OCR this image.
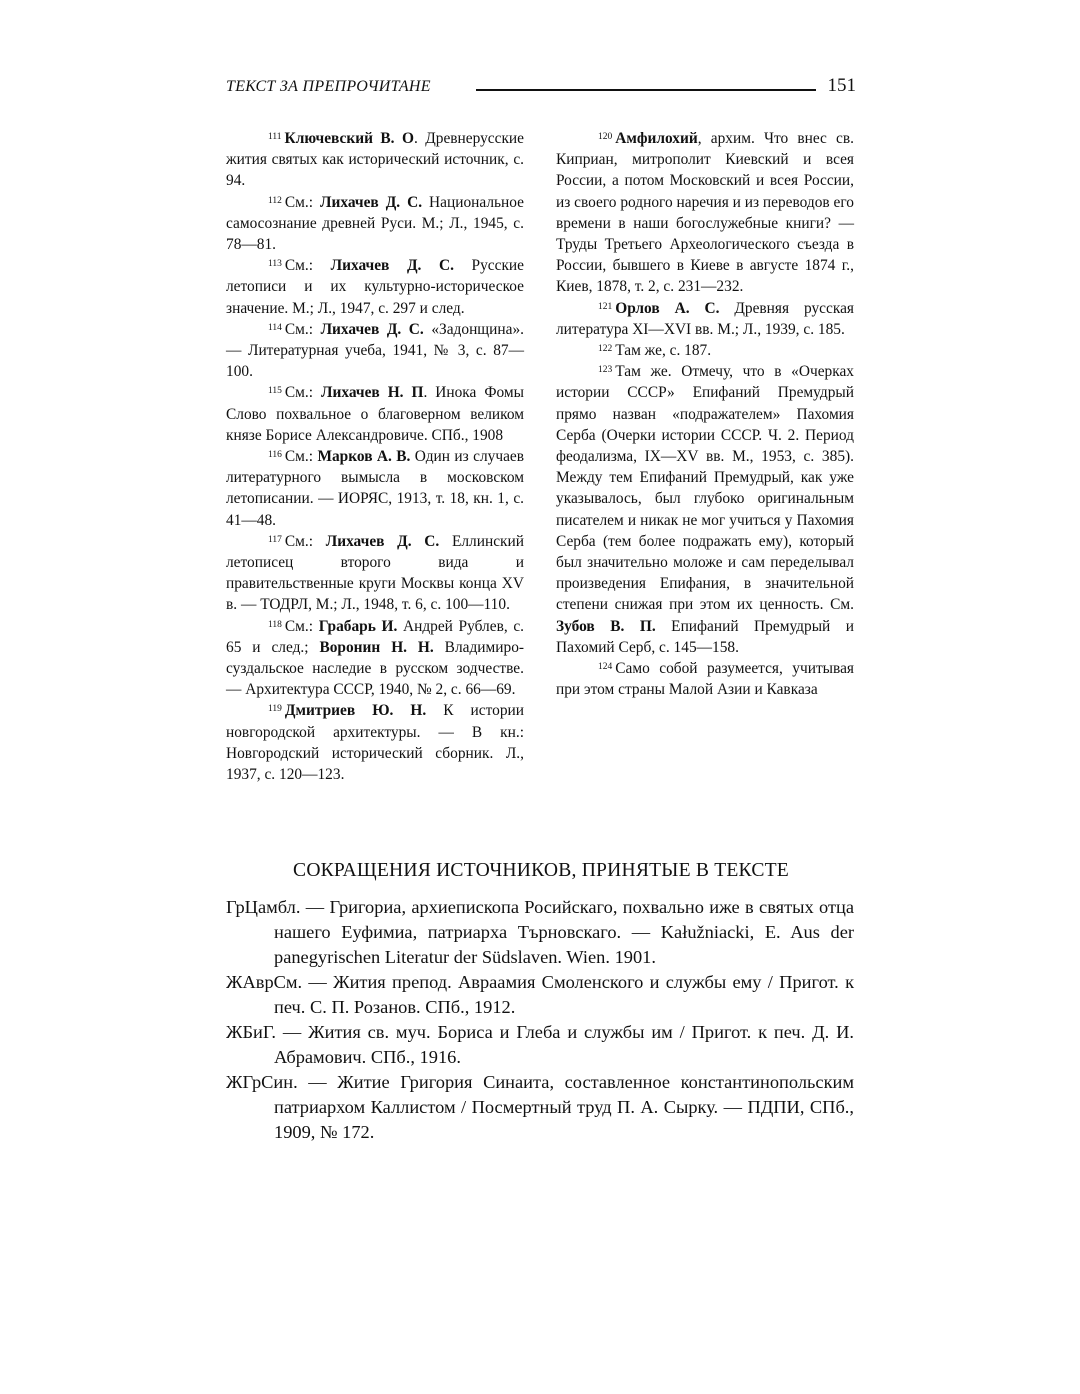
ТЕКСТ ЗА ПРЕПРОЧИТАНЕ	151

$^{111}$ Ключевский В. О. Древнерусские жития святых как исторический источник, с. 94.

$^{112}$ См.: Лихачев Д. С. Национальное самосознание древней Руси. М.; Л., 1945, с. 78—81.

$^{113}$ См.: Лихачев Д. С. Русские летописи и их культурно-историческое значение. М.; Л., 1947, с. 297 и след.

$^{114}$ См.: Лихачев Д. С. «Задонщина». — Литературная учеба, 1941, № 3, с. 87—100.

$^{115}$ См.: Лихачев Н. П. Инока Фомы Слово похвальное о благоверном великом князе Борисе Александровиче. СПб., 1908

$^{116}$ См.: Марков А. В. Один из случаев литературного вымысла в московском летописании. — ИОРЯС, 1913, т. 18, кн. 1, с. 41—48.

$^{117}$ См.: Лихачев Д. С. Еллинский летописец второго вида и правительственные круги Москвы конца XV в. — ТОДРЛ, М.; Л., 1948, т. 6, с. 100—110.

$^{118}$ См.: Грабарь И. Андрей Рублев, с. 65 и след.; Воронин Н. Н. Владимиро-суздальское наследие в русском зодчестве. — Архитектура СССР, 1940, № 2, с. 66—69.

$^{119}$ Дмитриев Ю. Н. К истории новгородской архитектуры. — В кн.: Новгородский исторический сборник. Л., 1937, с. 120—123.

$^{120}$ Амфилохий, архим. Что внес св. Киприан, митрополит Киевский и всея России, а потом Московский и всея России, из своего родного наречия и из переводов его времени в наши богослужебные книги? — Труды Третьего Археологического съезда в России, бывшего в Киеве в августе 1874 г., Киев, 1878, т. 2, с. 231—232.

$^{121}$ Орлов А. С. Древняя русская литература XI—XVI вв. М.; Л., 1939, с. 185.

$^{122}$ Там же, с. 187.

$^{123}$ Там же. Отмечу, что в «Очерках истории СССР» Епифаний Премудрый прямо назван «подражателем» Пахомия Серба (Очерки истории СССР. Ч. 2. Период феодализма, IX—XV вв. М., 1953, с. 385). Между тем Епифаний Премудрый, как уже указывалось, был глубоко оригинальным писателем и никак не мог учиться у Пахомия Серба (тем более подражать ему), который был значительно моложе и сам переделывал произведения Епифания, в значительной степени снижая при этом их ценность. См. Зубов В. П. Епифаний Премудрый и Пахомий Серб, с. 145—158.

$^{124}$ Само собой разумеется, учитывая при этом страны Малой Азии и Кавказа

СОКРАЩЕНИЯ ИСТОЧНИКОВ, ПРИНЯТЫЕ В ТЕКСТЕ

ГрЦамбл. — Григориа, архиепископа Росийскаго, похвально иже в святых отца нашего Еуфимиа, патриарха Търновскаго. — Kałužniacki, E. Aus der panegyrischen Literatur der Südslaven. Wien. 1901.

ЖАврСм. — Жития препод. Авраамия Смоленского и службы ему / Пригот. к печ. С. П. Розанов. СПб., 1912.

ЖБиГ. — Жития св. муч. Бориса и Глеба и службы им / Пригот. к печ. Д. И. Абрамович. СПб., 1916.

ЖГрСин. — Житие Григория Синаита, составленное константинопольским патриархом Каллистом / Посмертный труд П. А. Сырку. — ПДПИ, СПб., 1909, № 172.
